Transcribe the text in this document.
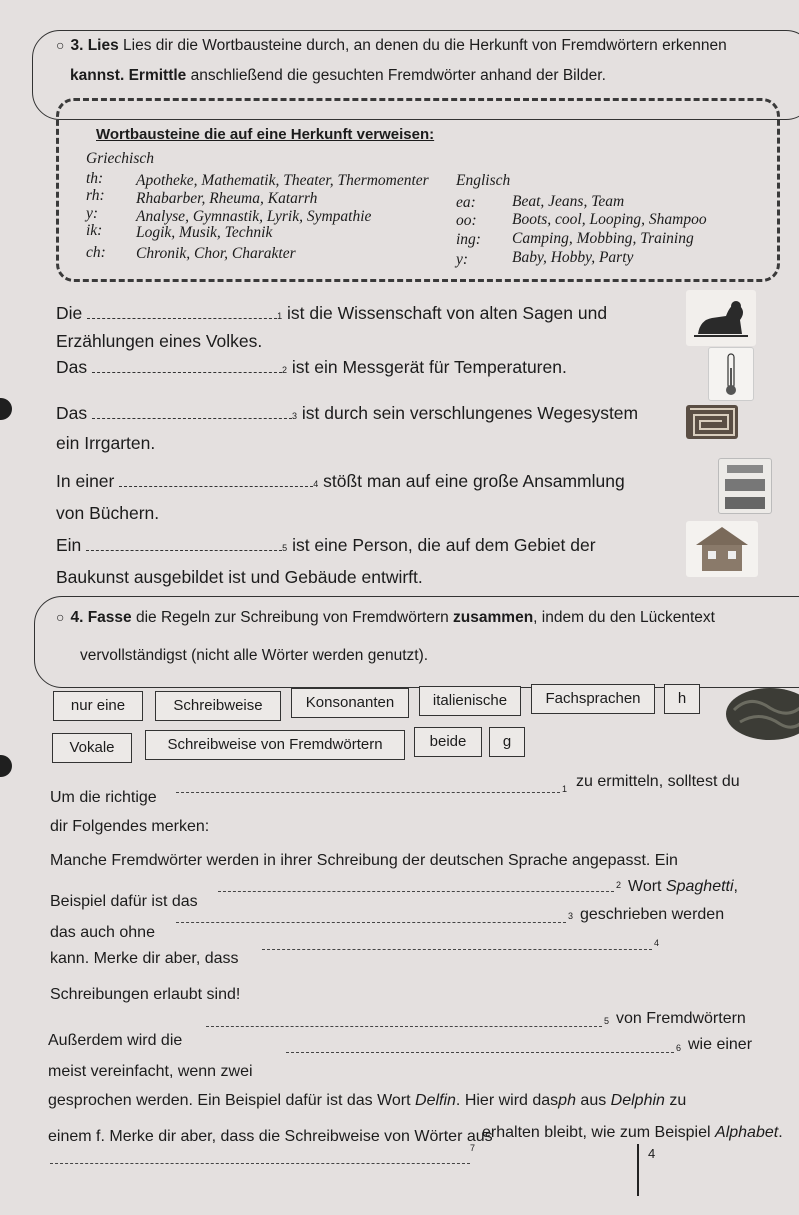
○ 3. Lies Lies dir die Wortbausteine durch, an denen du die Herkunft von Fremdwörtern erkennen
kannst. Ermittle anschließend die gesuchten Fremdwörter anhand der Bilder.
Wortbausteine die auf eine Herkunft verweisen:
Griechisch
Englisch
th: Apotheke, Mathematik, Theater, Thermomenter
rh: Rhabarber, Rheuma, Katarrh
y: Analyse, Gymnastik, Lyrik, Sympathie
ik: Logik, Musik, Technik
ch: Chronik, Chor, Charakter
ea: Beat, Jeans, Team
oo: Boots, cool, Looping, Shampoo
ing: Camping, Mobbing, Training
y:	Baby, Hobby, Party
Die	1 ist die Wissenschaft von alten Sagen und
Erzählungen eines Volkes.
Das	2 ist ein Messgerät für Temperaturen.
Das	3 ist durch sein verschlungenes Wegesystem
ein Irrgarten.
In einer	4 stößt man auf eine große Ansammlung
von Büchern.
Ein	5 ist eine Person, die auf dem Gebiet der
Baukunst ausgebildet ist und Gebäude entwirft.
○ 4. Fasse die Regeln zur Schreibung von Fremdwörtern zusammen, indem du den Lückentext
vervollständigst (nicht alle Wörter werden genutzt).
nur eine	Schreibweise	Konsonanten	italienische	Fachsprachen	h
Vokale	Schreibweise von Fremdwörtern	beide	g
Um die richtige	1 zu ermitteln, solltest du
dir Folgendes merken:
Manche Fremdwörter werden in ihrer Schreibung der deutschen Sprache angepasst. Ein
Beispiel dafür ist das
2 Wort Spaghetti,
das auch ohne
3 geschrieben werden
kann. Merke dir aber, dass
4
Schreibungen erlaubt sind!
Außerdem wird die
5 von Fremdwörtern
meist vereinfacht, wenn zwei
6 wie einer
gesprochen werden. Ein Beispiel dafür ist das Wort Delfin. Hier wird dasph aus Delphin zu
einem f. Merke dir aber, dass die Schreibweise von Wörter aus
7
erhalten bleibt, wie zum Beispiel Alphabet.
4
